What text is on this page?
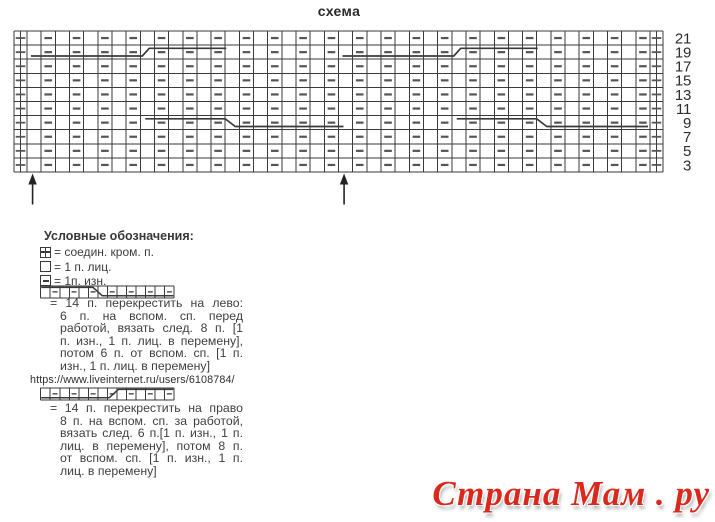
схема
21
19
17
15
13
11
9
7
5
3
Условные обозначения:
= соедин. кром. п.
= 1 п. лиц.
= 1п. изн.
= 14 п. перекрестить на лево:
6 п. на вспом. сп. перед
работой, вязать след. 8 п. [1
п. изн., 1 п. лиц. в перемену],
потом 6 п. от вспом. сп. [1 п.
изн., 1 п. лиц. в перемену]
https://www.liveinternet.ru/users/6108784/
= 14 п. перекрестить на право
8 п. на вспом. сп. за работой,
вязать след. 6 п.[1 п. изн., 1 п.
лиц. в перемену], потом 8 п.
от вспом. сп. [1 п. изн., 1 п.
лиц. в перемену]
Страна Мам . ру
